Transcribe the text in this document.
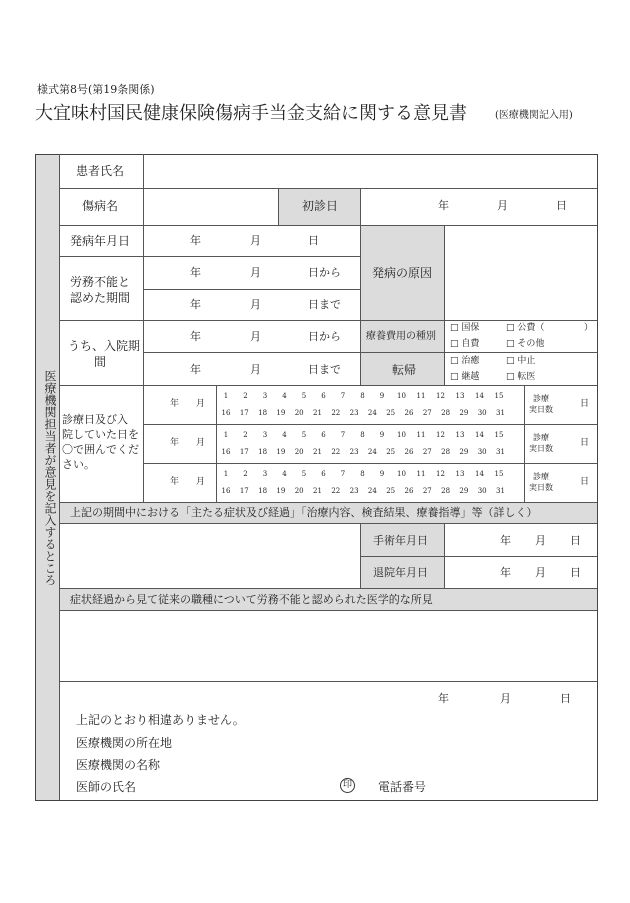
様式第8号(第19条関係)
大宜味村国民健康保険傷病手当金支給に関する意見書	(医療機関記入用)
医療機関担当者が意見を記入するところ
患者氏名
傷病名	初診日	年	月	日
発病年月日	年	月	日
発病の原因
労務不能と
認めた期間
年	月	日から
年	月	日まで
うち、入院期
間
年	月	日から
年	月	日まで
療養費用の種別
□ 国保	□ 公費（	）
□ 自費	□ その他
転帰
□ 治癒	□ 中止
□ 継越	□ 転医
診療日及び入
院していた日を
〇で囲んでくだ
さい。
年 月
1	2	3	4	5	6	7	8	9	10 11 12 13 14 15
16 17 18 19 20 21 22 23 24 25 26 27 28 29 30 31
診療
実日数
日
年 月
1	2	3	4	5	6	7	8	9	10 11 12 13 14 15
16 17 18 19 20 21 22 23 24 25 26 27 28 29 30 31
診療
実日数
日
年 月
1	2	3	4	5	6	7	8	9	10 11 12 13 14 15
16 17 18 19 20 21 22 23 24 25 26 27 28 29 30 31
診療
実日数
日
上記の期間中における「主たる症状及び経過」「治療内容、検査結果、療養指導」等（詳しく）
手術年月日	年 月 日
退院年月日	年 月 日
症状経過から見て従来の職種について労務不能と認められた医学的な所見
年	月	日
上記のとおり相違ありません。
医療機関の所在地
医療機関の名称
医師の氏名	印 電話番号
